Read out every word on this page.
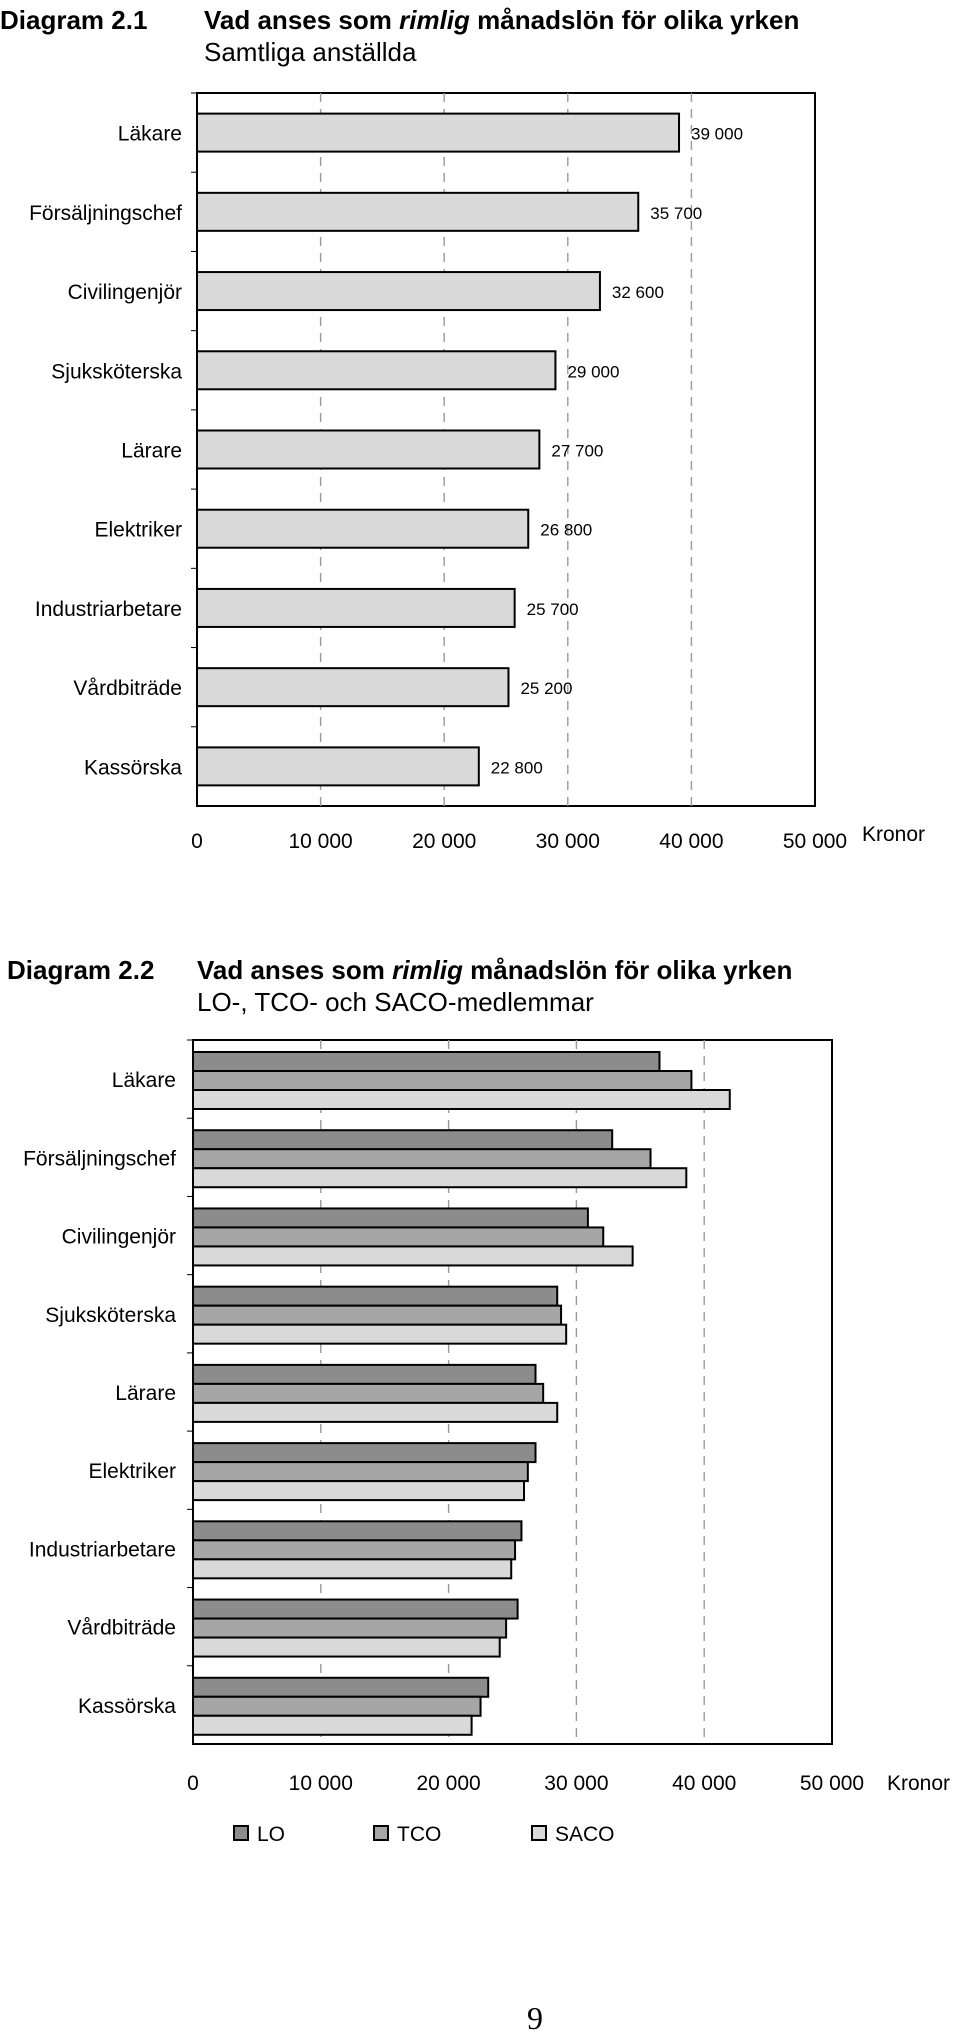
Diagram 2.1 Vad anses som rimlig månadslön för olika yrken
Samtliga anställda
39 000
Läkare
35 700
Försäljningschef
32 600
Civilingenjör
29 000
Sjuksköterska
27 700
Lärare
26 800
Elektriker
25 700
Industriarbetare
25 200
Vårdbiträde
22 800
Kassörska
0	10 000	20 000	30 000	40 000	50 000 Kronor
Diagram 2.2 Vad anses som rimlig månadslön för olika yrken
LO-, TCO- och SACO-medlemmar
Läkare
Försäljningschef
Civilingenjör
Sjuksköterska
Lärare
Elektriker
Industriarbetare
Vårdbiträde
Kassörska
0	10 000	20 000	30 000	40 000	50 000 Kronor
LO	TCO	SACO
9
